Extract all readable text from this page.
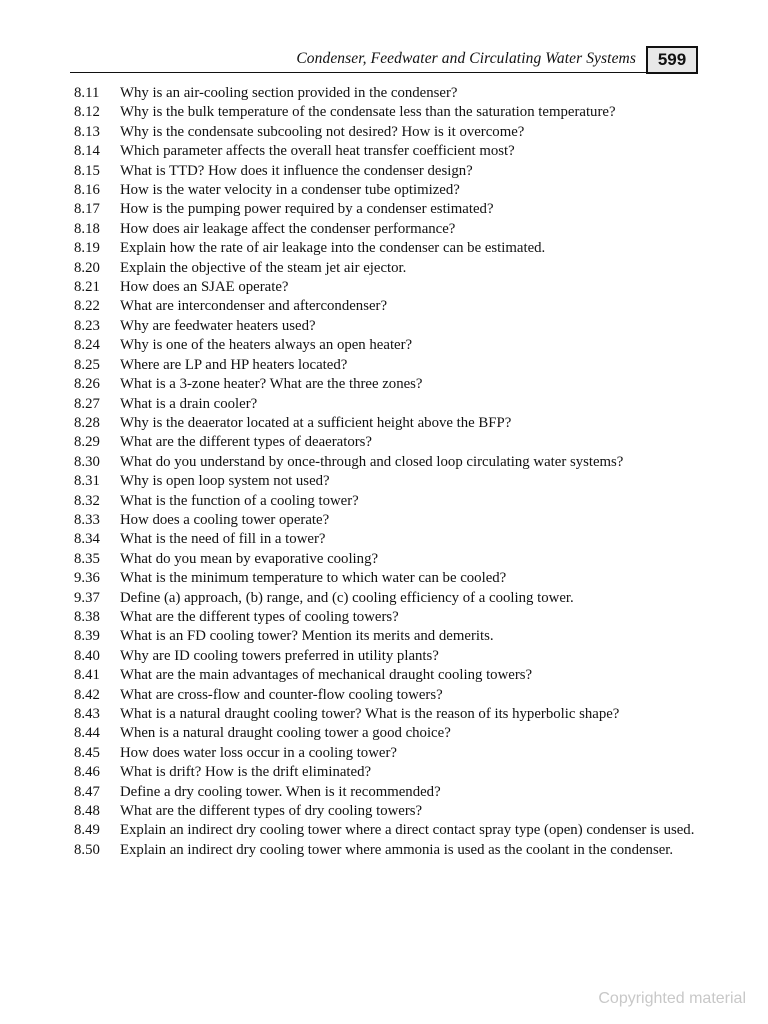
Condenser, Feedwater and Circulating Water Systems	599
8.11	Why is an air-cooling section provided in the condenser?
8.12	Why is the bulk temperature of the condensate less than the saturation temperature?
8.13	Why is the condensate subcooling not desired? How is it overcome?
8.14	Which parameter affects the overall heat transfer coefficient most?
8.15	What is TTD? How does it influence the condenser design?
8.16	How is the water velocity in a condenser tube optimized?
8.17	How is the pumping power required by a condenser estimated?
8.18	How does air leakage affect the condenser performance?
8.19	Explain how the rate of air leakage into the condenser can be estimated.
8.20	Explain the objective of the steam jet air ejector.
8.21	How does an SJAE operate?
8.22	What are intercondenser and aftercondenser?
8.23	Why are feedwater heaters used?
8.24	Why is one of the heaters always an open heater?
8.25	Where are LP and HP heaters located?
8.26	What is a 3-zone heater? What are the three zones?
8.27	What is a drain cooler?
8.28	Why is the deaerator located at a sufficient height above the BFP?
8.29	What are the different types of deaerators?
8.30	What do you understand by once-through and closed loop circulating water systems?
8.31	Why is open loop system not used?
8.32	What is the function of a cooling tower?
8.33	How does a cooling tower operate?
8.34	What is the need of fill in a tower?
8.35	What do you mean by evaporative cooling?
9.36	What is the minimum temperature to which water can be cooled?
9.37	Define (a) approach, (b) range, and (c) cooling efficiency of a cooling tower.
8.38	What are the different types of cooling towers?
8.39	What is an FD cooling tower? Mention its merits and demerits.
8.40	Why are ID cooling towers preferred in utility plants?
8.41	What are the main advantages of mechanical draught cooling towers?
8.42	What are cross-flow and counter-flow cooling towers?
8.43	What is a natural draught cooling tower? What is the reason of its hyperbolic shape?
8.44	When is a natural draught cooling tower a good choice?
8.45	How does water loss occur in a cooling tower?
8.46	What is drift? How is the drift eliminated?
8.47	Define a dry cooling tower. When is it recommended?
8.48	What are the different types of dry cooling towers?
8.49	Explain an indirect dry cooling tower where a direct contact spray type (open) condenser is used.
8.50	Explain an indirect dry cooling tower where ammonia is used as the coolant in the condenser.
Copyrighted material
